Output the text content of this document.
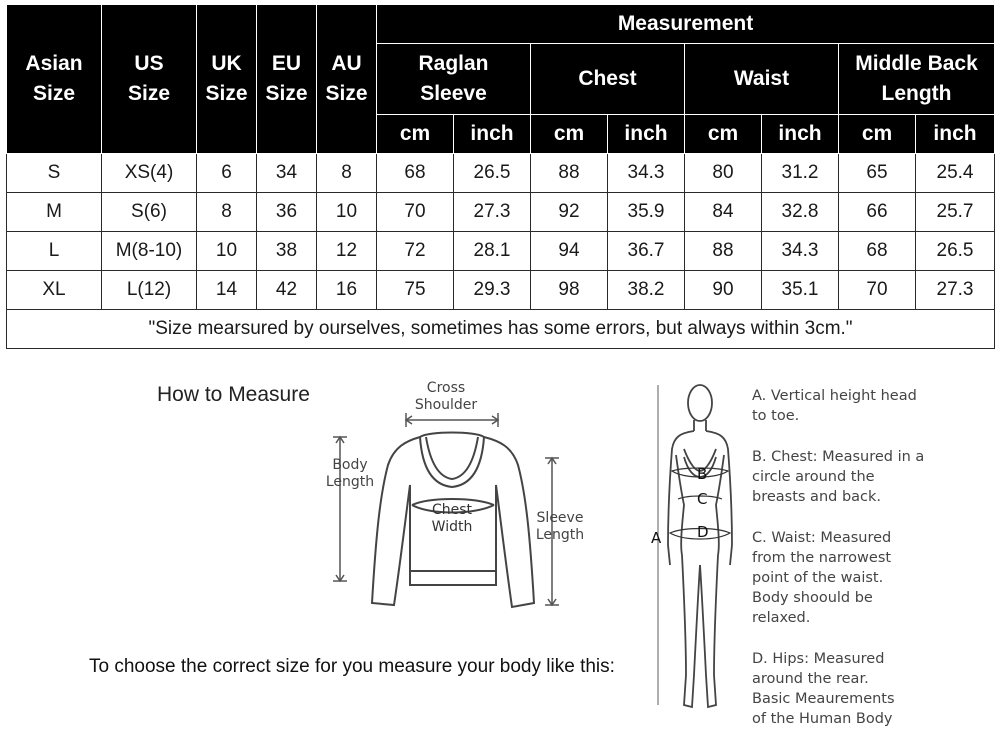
Asian Size	US Size	UK Size	EU Size	AU Size	Measurement							
					Raglan Sleeve		Chest		Waist		Middle Back Length	
					cm	inch	cm	inch	cm	inch	cm	inch
S	XS(4)	6	34	8	68	26.5	88	34.3	80	31.2	65	25.4
M	S(6)	8	36	10	70	27.3	92	35.9	84	32.8	66	25.7
L	M(8-10)	10	38	12	72	28.1	94	36.7	88	34.3	68	26.5
XL	L(12)	14	42	16	75	29.3	98	38.2	90	35.1	70	27.3
"Size mearsured by ourselves, sometimes has some errors, but always within 3cm."												
How to Measure	Cross
Shoulder
Body
Length
Chest
Width
Sleeve
Length
To choose the correct size for you measure your body like this:
A
B
C
D
A. Vertical height head
to toe.
B. Chest: Measured in a
circle around the
breasts and back.
C. Waist: Measured
from the narrowest
point of the waist.
Body shoould be
relaxed.
D. Hips: Measured
around the rear.
Basic Meaurements
of the Human Body
